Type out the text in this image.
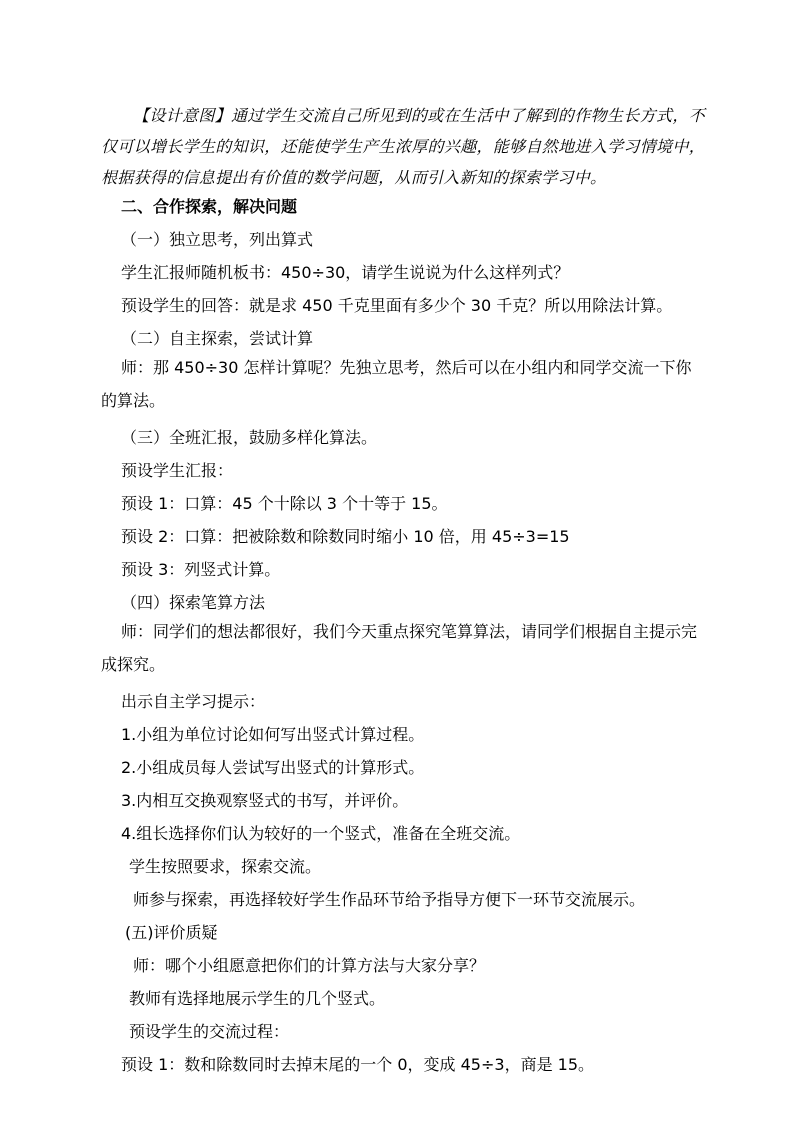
【设计意图】通过学生交流自己所见到的或在生活中了解到的作物生长方式，不仅可以增长学生的知识，还能使学生产生浓厚的兴趣，能够自然地进入学习情境中，根据获得的信息提出有价值的数学问题，从而引入新知的探索学习中。

二、合作探索，解决问题

（一）独立思考，列出算式

学生汇报师随机板书：450÷30，请学生说说为什么这样列式？

预设学生的回答：就是求 450 千克里面有多少个 30 千克？所以用除法计算。

（二）自主探索，尝试计算

师：那 450÷30 怎样计算呢？先独立思考，然后可以在小组内和同学交流一下你的算法。

（三）全班汇报，鼓励多样化算法。

预设学生汇报：

预设 1：口算：45 个十除以 3 个十等于 15。

预设 2：口算：把被除数和除数同时缩小 10 倍，用 45÷3=15

预设 3：列竖式计算。

（四）探索笔算方法

师：同学们的想法都很好，我们今天重点探究笔算算法，请同学们根据自主提示完成探究。

出示自主学习提示：

1.小组为单位讨论如何写出竖式计算过程。

2.小组成员每人尝试写出竖式的计算形式。

3.内相互交换观察竖式的书写，并评价。

4.组长选择你们认为较好的一个竖式，准备在全班交流。

学生按照要求，探索交流。

师参与探索，再选择较好学生作品环节给予指导方便下一环节交流展示。

(五)评价质疑

师：哪个小组愿意把你们的计算方法与大家分享？

教师有选择地展示学生的几个竖式。

预设学生的交流过程：

预设 1：数和除数同时去掉末尾的一个 0，变成 45÷3，商是 15。
